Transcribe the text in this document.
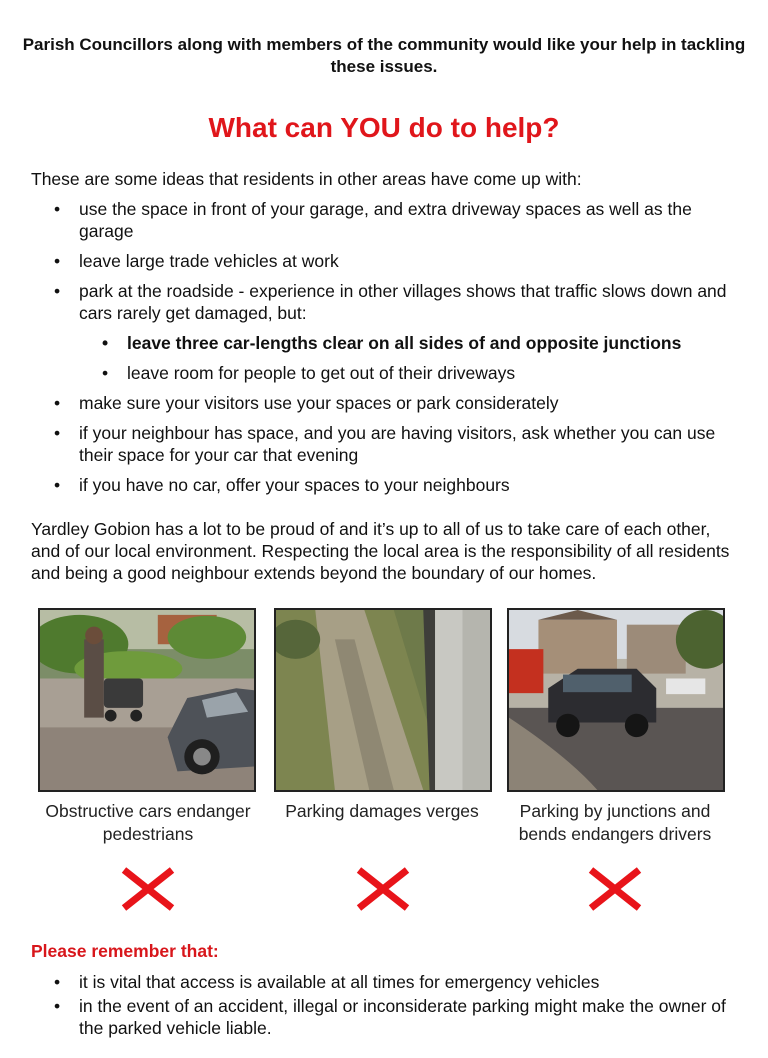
Parish Councillors along with members of the community would like your help in tackling these issues.
What can YOU do to help?
These are some ideas that residents in other areas have come up with:
• use the space in front of your garage, and extra driveway spaces as well as the garage
• leave large trade vehicles at work
• park at the roadside - experience in other villages shows that traffic slows down and cars rarely get damaged, but:
• leave three car-lengths clear on all sides of and opposite junctions
• leave room for people to get out of their driveways
• make sure your visitors use your spaces or park considerately
• if your neighbour has space, and you are having visitors, ask whether you can use their space for your car that evening
• if you have no car, offer your spaces to your neighbours
Yardley Gobion has a lot to be proud of and it’s up to all of us to take care of each other, and of our local environment. Respecting the local area is the responsibility of all residents and being a good neighbour extends beyond the boundary of our homes.
Obstructive cars endanger pedestrians
Parking damages verges	Parking by junctions and bends endangers drivers
Please remember that:
• it is vital that access is available at all times for emergency vehicles
• in the event of an accident, illegal or inconsiderate parking might make the owner of the parked vehicle liable.
